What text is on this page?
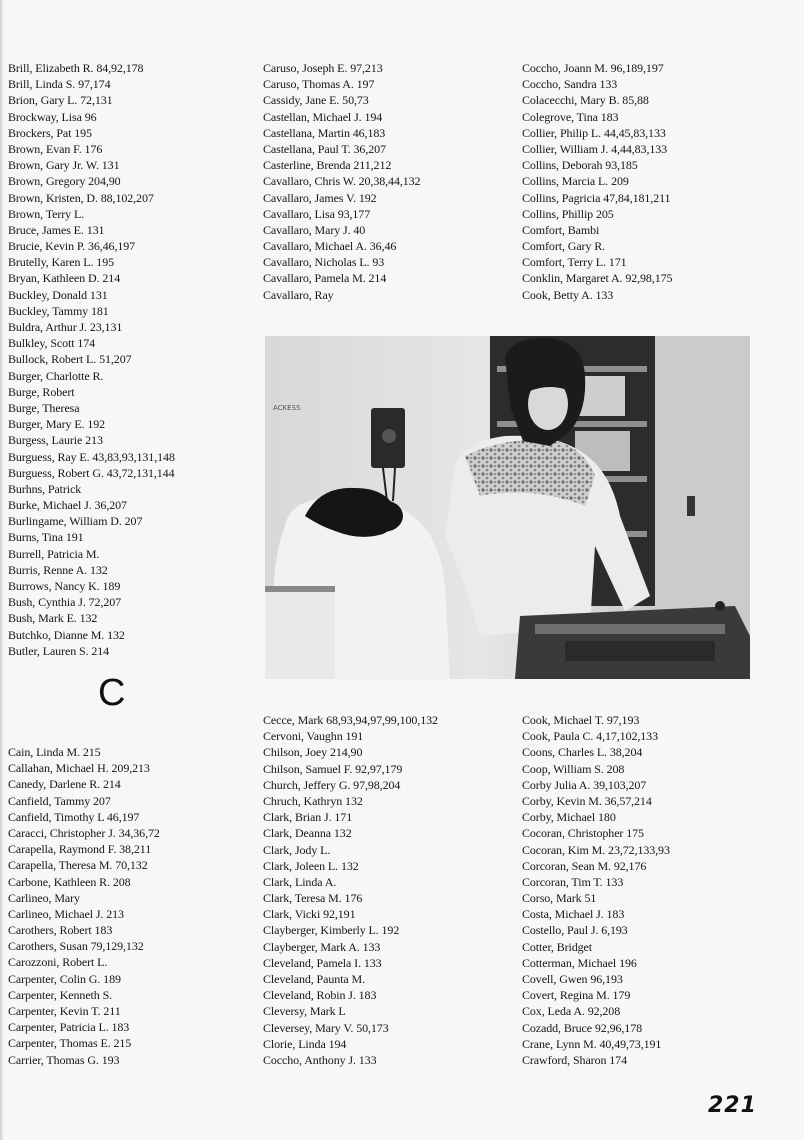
Brill, Elizabeth R. 84,92,178
Brill, Linda S. 97,174
Brion, Gary L. 72,131
Brockway, Lisa 96
Brockers, Pat 195
Brown, Evan F. 176
Brown, Gary Jr. W. 131
Brown, Gregory 204,90
Brown, Kristen, D. 88,102,207
Brown, Terry L.
Bruce, James E. 131
Brucie, Kevin P. 36,46,197
Brutelly, Karen L. 195
Bryan, Kathleen D. 214
Buckley, Donald 131
Buckley, Tammy 181
Buldra, Arthur J. 23,131
Bulkley, Scott 174
Bullock, Robert L. 51,207
Burger, Charlotte R.
Burge, Robert
Burge, Theresa
Burger, Mary E. 192
Burgess, Laurie 213
Burguess, Ray E. 43,83,93,131,148
Burguess, Robert G. 43,72,131,144
Burhns, Patrick
Burke, Michael J. 36,207
Burlingame, William D. 207
Burns, Tina 191
Burrell, Patricia M.
Burris, Renne A. 132
Burrows, Nancy K. 189
Bush, Cynthia J. 72,207
Bush, Mark E. 132
Butchko, Dianne M. 132
Butler, Lauren S. 214
Caruso, Joseph E. 97,213
Caruso, Thomas A. 197
Cassidy, Jane E. 50,73
Castellan, Michael J. 194
Castellana, Martin 46,183
Castellana, Paul T. 36,207
Casterline, Brenda 211,212
Cavallaro, Chris W. 20,38,44,132
Cavallaro, James V. 192
Cavallaro, Lisa 93,177
Cavallaro, Mary J. 40
Cavallaro, Michael A. 36,46
Cavallaro, Nicholas L. 93
Cavallaro, Pamela M. 214
Cavallaro, Ray
Coccho, Joann M. 96,189,197
Coccho, Sandra 133
Colacecchi, Mary B. 85,88
Colegrove, Tina 183
Collier, Philip L. 44,45,83,133
Collier, William J. 4,44,83,133
Collins, Deborah 93,185
Collins, Marcia L. 209
Collins, Pagricia 47,84,181,211
Collins, Phillip 205
Comfort, Bambi
Comfort, Gary R.
Comfort, Terry L. 171
Conklin, Margaret A. 92,98,175
Cook, Betty A. 133
C
ACKESS
Cain, Linda M. 215
Callahan, Michael H. 209,213
Canedy, Darlene R. 214
Canfield, Tammy 207
Canfield, Timothy L 46,197
Caracci, Christopher J. 34,36,72
Carapella, Raymond F. 38,211
Carapella, Theresa M. 70,132
Carbone, Kathleen R. 208
Carlineo, Mary
Carlineo, Michael J. 213
Carothers, Robert 183
Carothers, Susan 79,129,132
Carozzoni, Robert L.
Carpenter, Colin G. 189
Carpenter, Kenneth S.
Carpenter, Kevin T. 211
Carpenter, Patricia L. 183
Carpenter, Thomas E. 215
Carrier, Thomas G. 193
Cecce, Mark 68,93,94,97,99,100,132
Cervoni, Vaughn 191
Chilson, Joey 214,90
Chilson, Samuel F. 92,97,179
Church, Jeffery G. 97,98,204
Chruch, Kathryn 132
Clark, Brian J. 171
Clark, Deanna 132
Clark, Jody L.
Clark, Joleen L. 132
Clark, Linda A.
Clark, Teresa M. 176
Clark, Vicki 92,191
Clayberger, Kimberly L. 192
Clayberger, Mark A. 133
Cleveland, Pamela I. 133
Cleveland, Paunta M.
Cleveland, Robin J. 183
Cleversy, Mark L
Cleversey, Mary V. 50,173
Clorie, Linda 194
Coccho, Anthony J. 133
Cook, Michael T. 97,193
Cook, Paula C. 4,17,102,133
Coons, Charles L. 38,204
Coop, William S. 208
Corby Julia A. 39,103,207
Corby, Kevin M. 36,57,214
Corby, Michael 180
Cocoran, Christopher 175
Cocoran, Kim M. 23,72,133,93
Corcoran, Sean M. 92,176
Corcoran, Tim T. 133
Corso, Mark 51
Costa, Michael J. 183
Costello, Paul J. 6,193
Cotter, Bridget
Cotterman, Michael 196
Covell, Gwen 96,193
Covert, Regina M. 179
Cox, Leda A. 92,208
Cozadd, Bruce 92,96,178
Crane, Lynn M. 40,49,73,191
Crawford, Sharon 174
221
